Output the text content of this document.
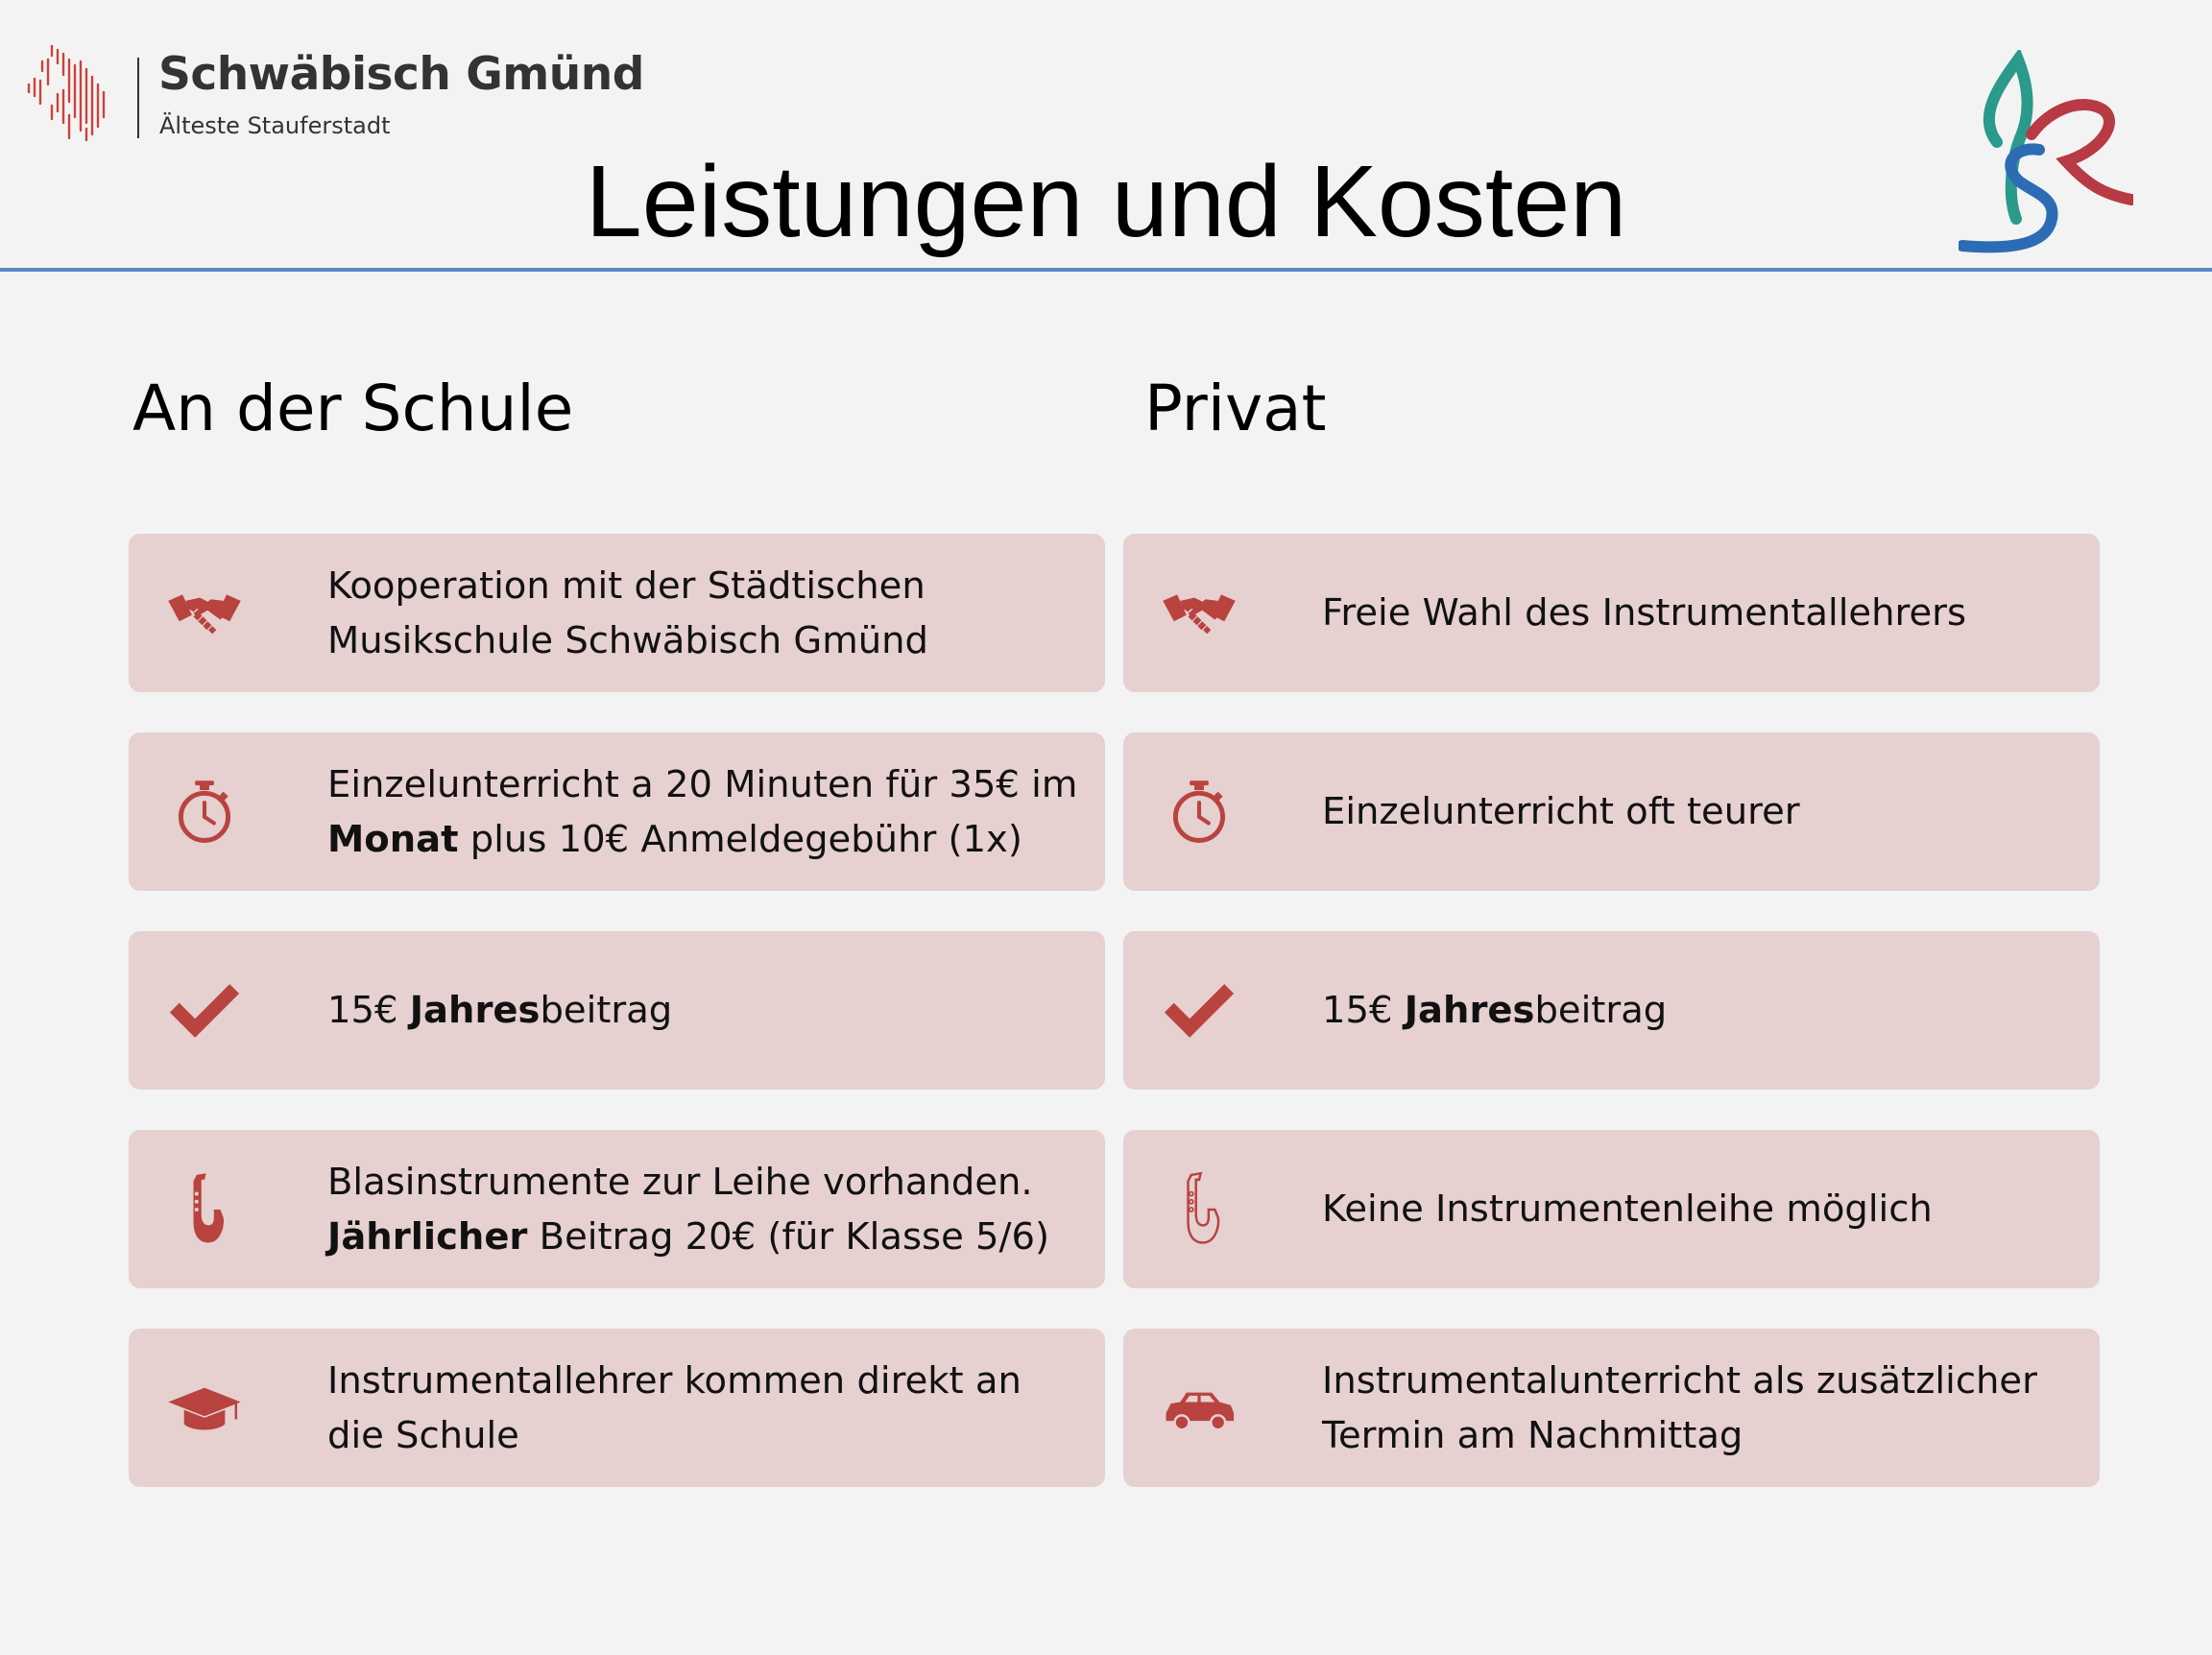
Schwäbisch Gmünd
Älteste Stauferstadt
Leistungen und Kosten
An der Schule	Privat
Kooperation mit der Städtischen
Musikschule Schwäbisch Gmünd
Einzelunterricht a 20 Minuten für 35€ im
Monat plus 10€ Anmeldegebühr (1x)
15€ Jahresbeitrag
Blasinstrumente zur Leihe vorhanden.
Jährlicher Beitrag 20€ (für Klasse 5/6)
Instrumentallehrer kommen direkt an
die Schule
Freie Wahl des Instrumentallehrers
Einzelunterricht oft teurer
15€ Jahresbeitrag
Keine Instrumentenleihe möglich
Instrumentalunterricht als zusätzlicher
Termin am Nachmittag
